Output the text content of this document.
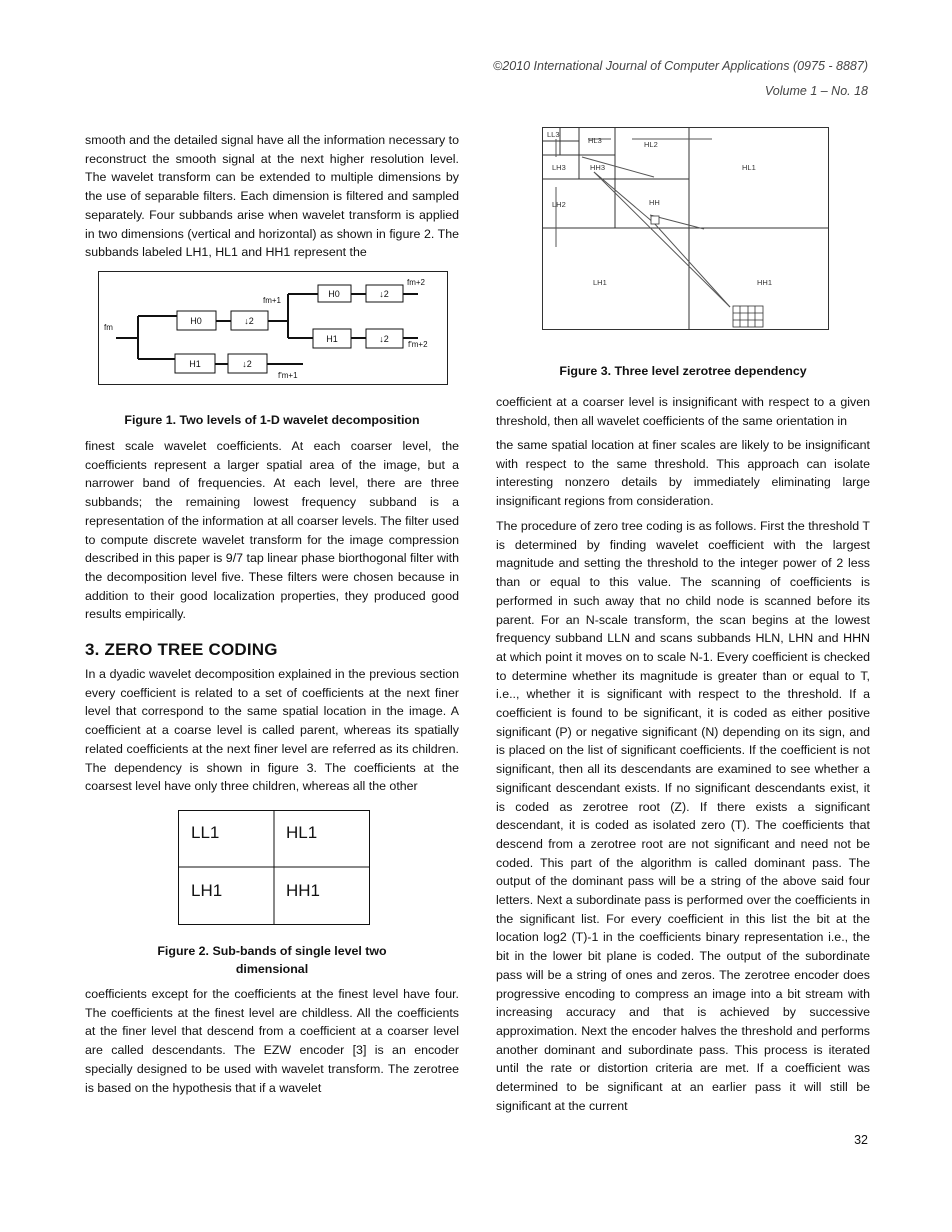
©2010 International Journal of Computer Applications (0975 - 8887)
Volume 1 – No. 18

smooth and the detailed signal have all the information necessary to reconstruct the smooth signal at the next higher resolution level. The wavelet transform can be extended to multiple dimensions by the use of separable filters. Each dimension is filtered and sampled separately. Four subbands arise when wavelet transform is applied in two dimensions (vertical and horizontal) as shown in figure 2. The subbands labeled LH1, HL1 and HH1 represent the

H0	↓2
H1	↓2
H0	↓2
H1	↓2
fm
fm+1
fm+2
f'm+1
f'm+2
Figure 1. Two levels of 1-D wavelet decomposition

finest scale wavelet coefficients. At each coarser level, the coefficients represent a larger spatial area of the image, but a narrower band of frequencies. At each level, there are three subbands; the remaining lowest frequency subband is a representation of the information at all coarser levels. The filter used to compute discrete wavelet transform for the image compression described in this paper is 9/7 tap linear phase biorthogonal filter with the decomposition level five. These filters were chosen because in addition to their good localization properties, they produced good results empirically.

3. ZERO TREE CODING

In a dyadic wavelet decomposition explained in the previous section every coefficient is related to a set of coefficients at the next finer level that correspond to the same spatial location in the image. A coefficient at a coarse level is called parent, whereas its spatially related coefficients at the next finer level are referred as its children. The dependency is shown in figure 3. The coefficients at the coarsest level have only three children, whereas all the other

LL1	HL1
LH1	HH1
Figure 2. Sub-bands of single level two
dimensional

coefficients except for the coefficients at the finest level have four. The coefficients at the finest level are childless. All the coefficients at the finer level that descend from a coefficient at a coarser level are called descendants. The EZW encoder [3] is an encoder specially designed to be used with wavelet transform. The zerotree is based on the hypothesis that if a wavelet

LL3
HL3
LH3	HH3
HL2
LH2	HH
HL1
LH1	HH1
Figure 3. Three level zerotree dependency

coefficient at a coarser level is insignificant with respect to a given threshold, then all wavelet coefficients of the same orientation in

the same spatial location at finer scales are likely to be insignificant with respect to the same threshold. This approach can isolate interesting nonzero details by immediately eliminating large insignificant regions from consideration.

The procedure of zero tree coding is as follows. First the threshold T is determined by finding wavelet coefficient with the largest magnitude and setting the threshold to the integer power of 2 less than or equal to this value. The scanning of coefficients is performed in such away that no child node is scanned before its parent. For an N-scale transform, the scan begins at the lowest frequency subband LLN and scans subbands HLN, LHN and HHN at which point it moves on to scale N-1. Every coefficient is checked to determine whether its magnitude is greater than or equal to T, i.e.., whether it is significant with respect to the threshold. If a coefficient is found to be significant, it is coded as either positive significant (P) or negative significant (N) depending on its sign, and is placed on the list of significant coefficients. If the coefficient is not significant, then all its descendants are examined to see whether a significant descendant exists. If no significant descendants exist, it is coded as zerotree root (Z). If there exists a significant descendant, it is coded as isolated zero (T). The coefficients that descend from a zerotree root are not significant and need not be coded. This part of the algorithm is called dominant pass. The output of the dominant pass will be a string of the above said four letters. Next a subordinate pass is performed over the coefficients in the significant list. For every coefficient in this list the bit at the location log2 (T)-1 in the coefficients binary representation i.e., the bit in the lower bit plane is coded. The output of the subordinate pass will be a string of ones and zeros. The zerotree encoder does progressive encoding to compress an image into a bit stream with increasing accuracy and that is achieved by successive approximation. Next the encoder halves the threshold and performs another dominant and subordinate pass. This process is iterated until the rate or distortion criteria are met. If a coefficient was determined to be significant at an earlier pass it will still be significant at the current

32
